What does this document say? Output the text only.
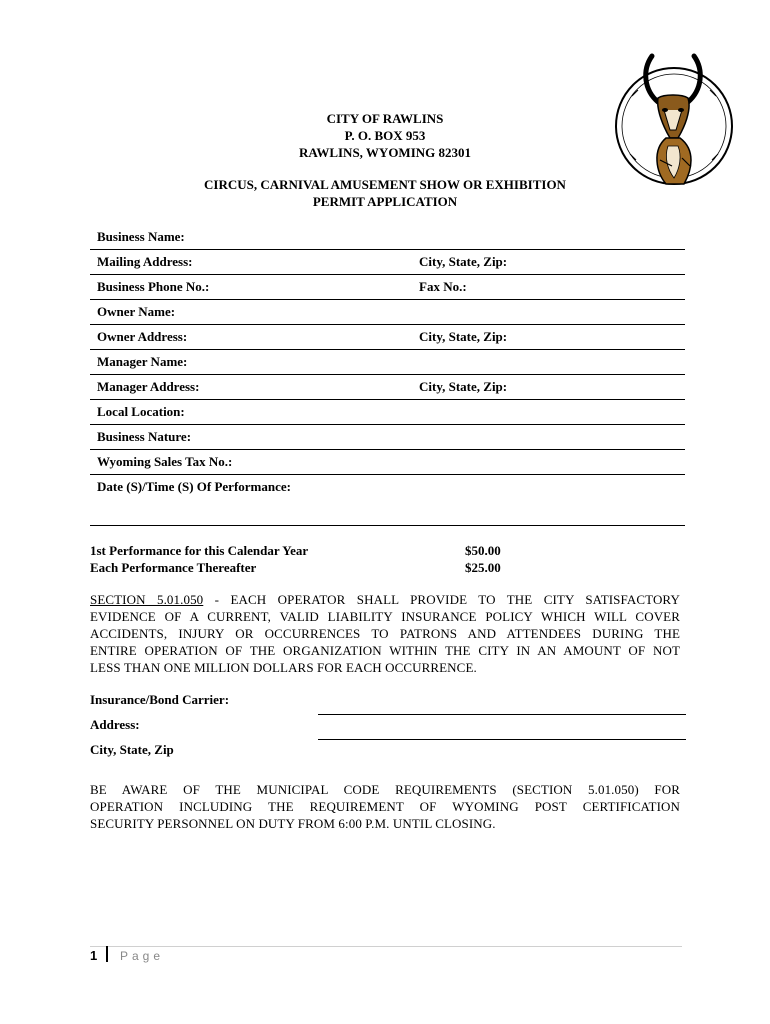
CITY OF RAWLINS
P. O. BOX 953
RAWLINS, WYOMING 82301
CIRCUS, CARNIVAL AMUSEMENT SHOW OR EXHIBITION
PERMIT APPLICATION
Business Name:
Mailing Address:	City, State, Zip:
Business Phone No.:	Fax No.:
Owner Name:
Owner Address:	City, State, Zip:
Manager Name:
Manager Address:	City, State, Zip:
Local Location:
Business Nature:
Wyoming Sales Tax No.:
Date (S)/Time (S) Of Performance:
1st Performance for this Calendar Year	$50.00
Each Performance Thereafter	$25.00
SECTION 5.01.050 - EACH OPERATOR SHALL PROVIDE TO THE CITY SATISFACTORY
EVIDENCE OF A CURRENT, VALID LIABILITY INSURANCE POLICY WHICH WILL COVER
ACCIDENTS, INJURY OR OCCURRENCES TO PATRONS AND ATTENDEES DURING THE
ENTIRE OPERATION OF THE ORGANIZATION WITHIN THE CITY IN AN AMOUNT OF NOT
LESS THAN ONE MILLION DOLLARS FOR EACH OCCURRENCE.
Insurance/Bond Carrier:
Address:
City, State, Zip
BE AWARE OF THE MUNICIPAL CODE REQUIREMENTS (SECTION 5.01.050) FOR
OPERATION INCLUDING THE REQUIREMENT OF WYOMING POST CERTIFICATION
SECURITY PERSONNEL ON DUTY FROM 6:00 P.M. UNTIL CLOSING.
1 Page
